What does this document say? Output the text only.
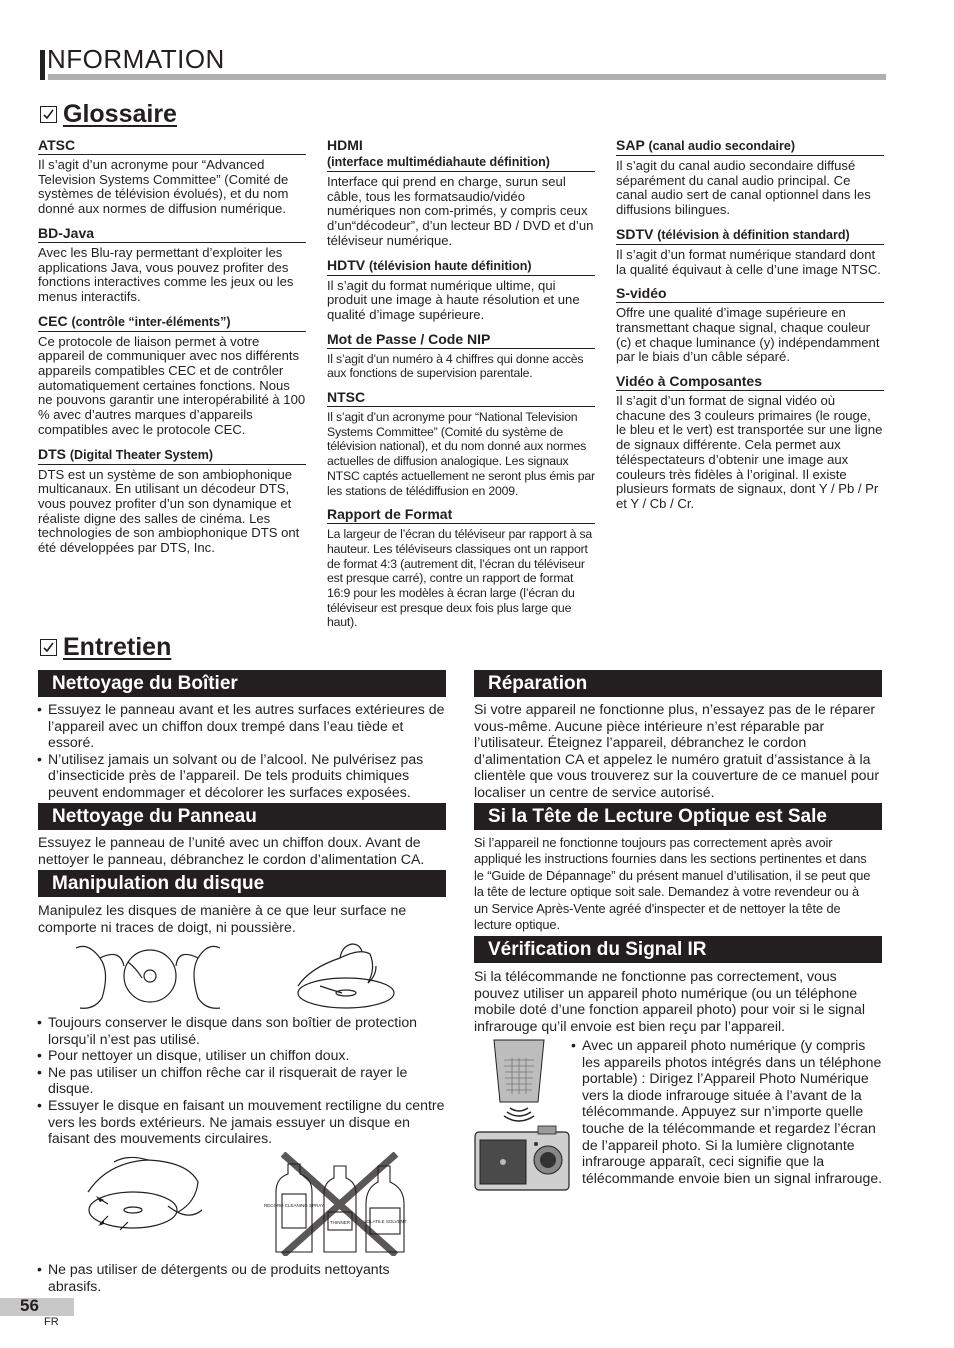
NFORMATION
Glossaire
ATSC
Il s’agit d’un acronyme pour “Advanced Television Systems Committee” (Comité de systèmes de télévision évolués), et du nom donné aux normes de diffusion numérique.
BD-Java
Avec les Blu-ray permettant d’exploiter les applications Java, vous pouvez profiter des fonctions interactives comme les jeux ou les menus interactifs.
CEC (contrôle “inter-éléments”)
Ce protocole de liaison permet à votre appareil de communiquer avec nos différents appareils compatibles CEC et de contrôler automatiquement certaines fonctions. Nous ne pouvons garantir une interopérabilité à 100 % avec d’autres marques d’appareils compatibles avec le protocole CEC.
DTS (Digital Theater System)
DTS est un système de son ambiophonique multicanaux. En utilisant un décodeur DTS, vous pouvez profiter d’un son dynamique et réaliste digne des salles de cinéma. Les technologies de son ambiophonique DTS ont été développées par DTS, Inc.
HDMI
(interface multimédiahaute définition)
Interface qui prend en charge, surun seul câble, tous les formatsaudio/vidéo numériques non com-primés, y compris ceux d’un“décodeur”, d’un lecteur BD / DVD et d’un téléviseur numérique.
HDTV (télévision haute définition)
Il s’agit du format numérique ultime, qui produit une image à haute résolution et une qualité d’image supérieure.
Mot de Passe / Code NIP
Il s’agit d’un numéro à 4 chiffres qui donne accès aux fonctions de supervision parentale.
NTSC
Il s’agit d’un acronyme pour “National Television Systems Committee” (Comité du système de télévision national), et du nom donné aux normes actuelles de diffusion analogique. Les signaux NTSC captés actuellement ne seront plus émis par les stations de télédiffusion en 2009.
Rapport de Format
La largeur de l’écran du téléviseur par rapport à sa hauteur. Les téléviseurs classiques ont un rapport de format 4:3 (autrement dit, l’écran du téléviseur est presque carré), contre un rapport de format 16:9 pour les modèles à écran large (l’écran du téléviseur est presque deux fois plus large que haut).
SAP (canal audio secondaire)
Il s’agit du canal audio secondaire diffusé séparément du canal audio principal. Ce canal audio sert de canal optionnel dans les diffusions bilingues.
SDTV (télévision à définition standard)
Il s’agit d’un format numérique standard dont la qualité équivaut à celle d’une image NTSC.
S-vidéo
Offre une qualité d’image supérieure en transmettant chaque signal, chaque couleur (c) et chaque luminance (y) indépendamment par le biais d’un câble séparé.
Vidéo à Composantes
Il s’agit d’un format de signal vidéo où chacune des 3 couleurs primaires (le rouge, le bleu et le vert) est transportée sur une ligne de signaux différente. Cela permet aux téléspectateurs d’obtenir une image aux couleurs très fidèles à l’original. Il existe plusieurs formats de signaux, dont Y / Pb / Pr et Y / Cb / Cr.
Entretien
Nettoyage du Boîtier
• Essuyez le panneau avant et les autres surfaces extérieures de l’appareil avec un chiffon doux trempé dans l’eau tiède et essoré.
• N’utilisez jamais un solvant ou de l’alcool. Ne pulvérisez pas d’insecticide près de l’appareil. De tels produits chimiques peuvent endommager et décolorer les surfaces exposées.
Nettoyage du Panneau
Essuyez le panneau de l’unité avec un chiffon doux. Avant de nettoyer le panneau, débranchez le cordon d’alimentation CA.
Manipulation du disque
Manipulez les disques de manière à ce que leur surface ne comporte ni traces de doigt, ni poussière.
• Toujours conserver le disque dans son boîtier de protection lorsqu’il n’est pas utilisé.
• Pour nettoyer un disque, utiliser un chiffon doux.
• Ne pas utiliser un chiffon rêche car il risquerait de rayer le disque.
• Essuyer le disque en faisant un mouvement rectiligne du centre vers les bords extérieurs. Ne jamais essuyer un disque en faisant des mouvements circulaires.
RECORD CLEANING SPRAY
THINNER	VOLATILE SOLVENT
• Ne pas utiliser de détergents ou de produits nettoyants abrasifs.
Réparation
Si votre appareil ne fonctionne plus, n’essayez pas de le réparer vous-même. Aucune pièce intérieure n’est réparable par l’utilisateur. Éteignez l’appareil, débranchez le cordon d’alimentation CA et appelez le numéro gratuit d’assistance à la clientèle que vous trouverez sur la couverture de ce manuel pour localiser un centre de service autorisé.
Si la Tête de Lecture Optique est Sale
Si l’appareil ne fonctionne toujours pas correctement après avoir appliqué les instructions fournies dans les sections pertinentes et dans le “Guide de Dépannage” du présent manuel d’utilisation, il se peut que la tête de lecture optique soit sale. Demandez à votre revendeur ou à un Service Après-Vente agréé d'inspecter et de nettoyer la tête de lecture optique.
Vérification du Signal IR
Si la télécommande ne fonctionne pas correctement, vous pouvez utiliser un appareil photo numérique (ou un téléphone mobile doté d’une fonction appareil photo) pour voir si le signal infrarouge qu’il envoie est bien reçu par l’appareil.
• Avec un appareil photo numérique (y compris les appareils photos intégrés dans un téléphone portable) : Dirigez l’Appareil Photo Numérique vers la diode infrarouge située à l’avant de la télécommande. Appuyez sur n’importe quelle touche de la télécommande et regardez l’écran de l’appareil photo. Si la lumière clignotante infrarouge apparaît, ceci signifie que la télécommande envoie bien un signal infrarouge.
56
FR
